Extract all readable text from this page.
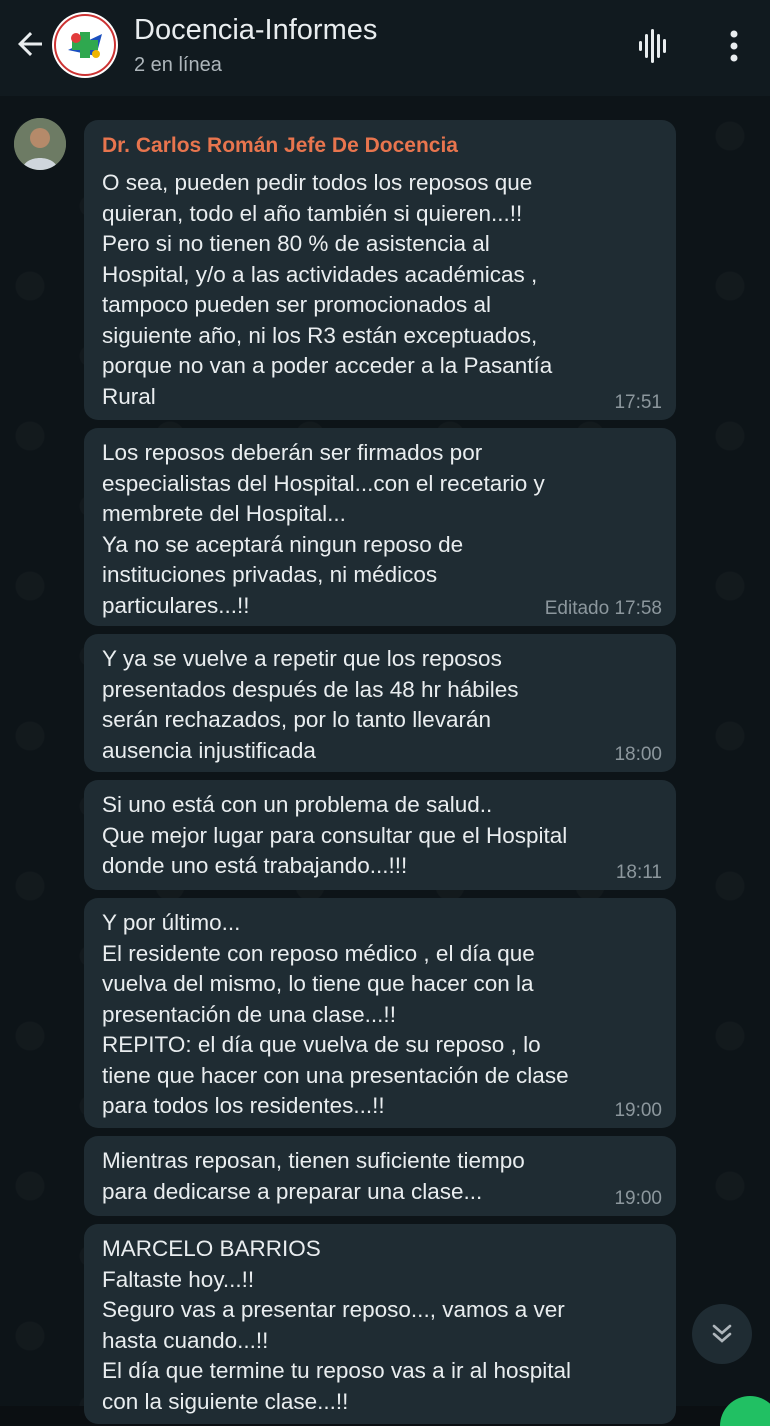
Docencia-Informes
2 en línea
Dr. Carlos Román Jefe De Docencia
O sea, pueden pedir todos los reposos que
quieran, todo el año también si quieren...!!
Pero si no tienen 80 % de asistencia al
Hospital, y/o a las actividades académicas ,
tampoco pueden ser promocionados al
siguiente año, ni los R3 están exceptuados,
porque no van a poder acceder a la Pasantía
Rural	17:51
Los reposos deberán ser firmados por
especialistas del Hospital...con el recetario y
membrete del Hospital...
Ya no se aceptará ningun reposo de
instituciones privadas, ni médicos
particulares...!!	Editado 17:58
Y ya se vuelve a repetir que los reposos
presentados después de las 48 hr hábiles
serán rechazados, por lo tanto llevarán
ausencia injustificada	18:00
Si uno está con un problema de salud..
Que mejor lugar para consultar que el Hospital
donde uno está trabajando...!!!	18:11
Y por último...
El residente con reposo médico , el día que
vuelva del mismo, lo tiene que hacer con la
presentación de una clase...!!
REPITO: el día que vuelva de su reposo , lo
tiene que hacer con una presentación de clase
para todos los residentes...!!	19:00
Mientras reposan, tienen suficiente tiempo
para dedicarse a preparar una clase...	19:00
MARCELO BARRIOS
Faltaste hoy...!!
Seguro vas a presentar reposo..., vamos a ver
hasta cuando...!!
El día que termine tu reposo vas a ir al hospital
con la siguiente clase...!!
